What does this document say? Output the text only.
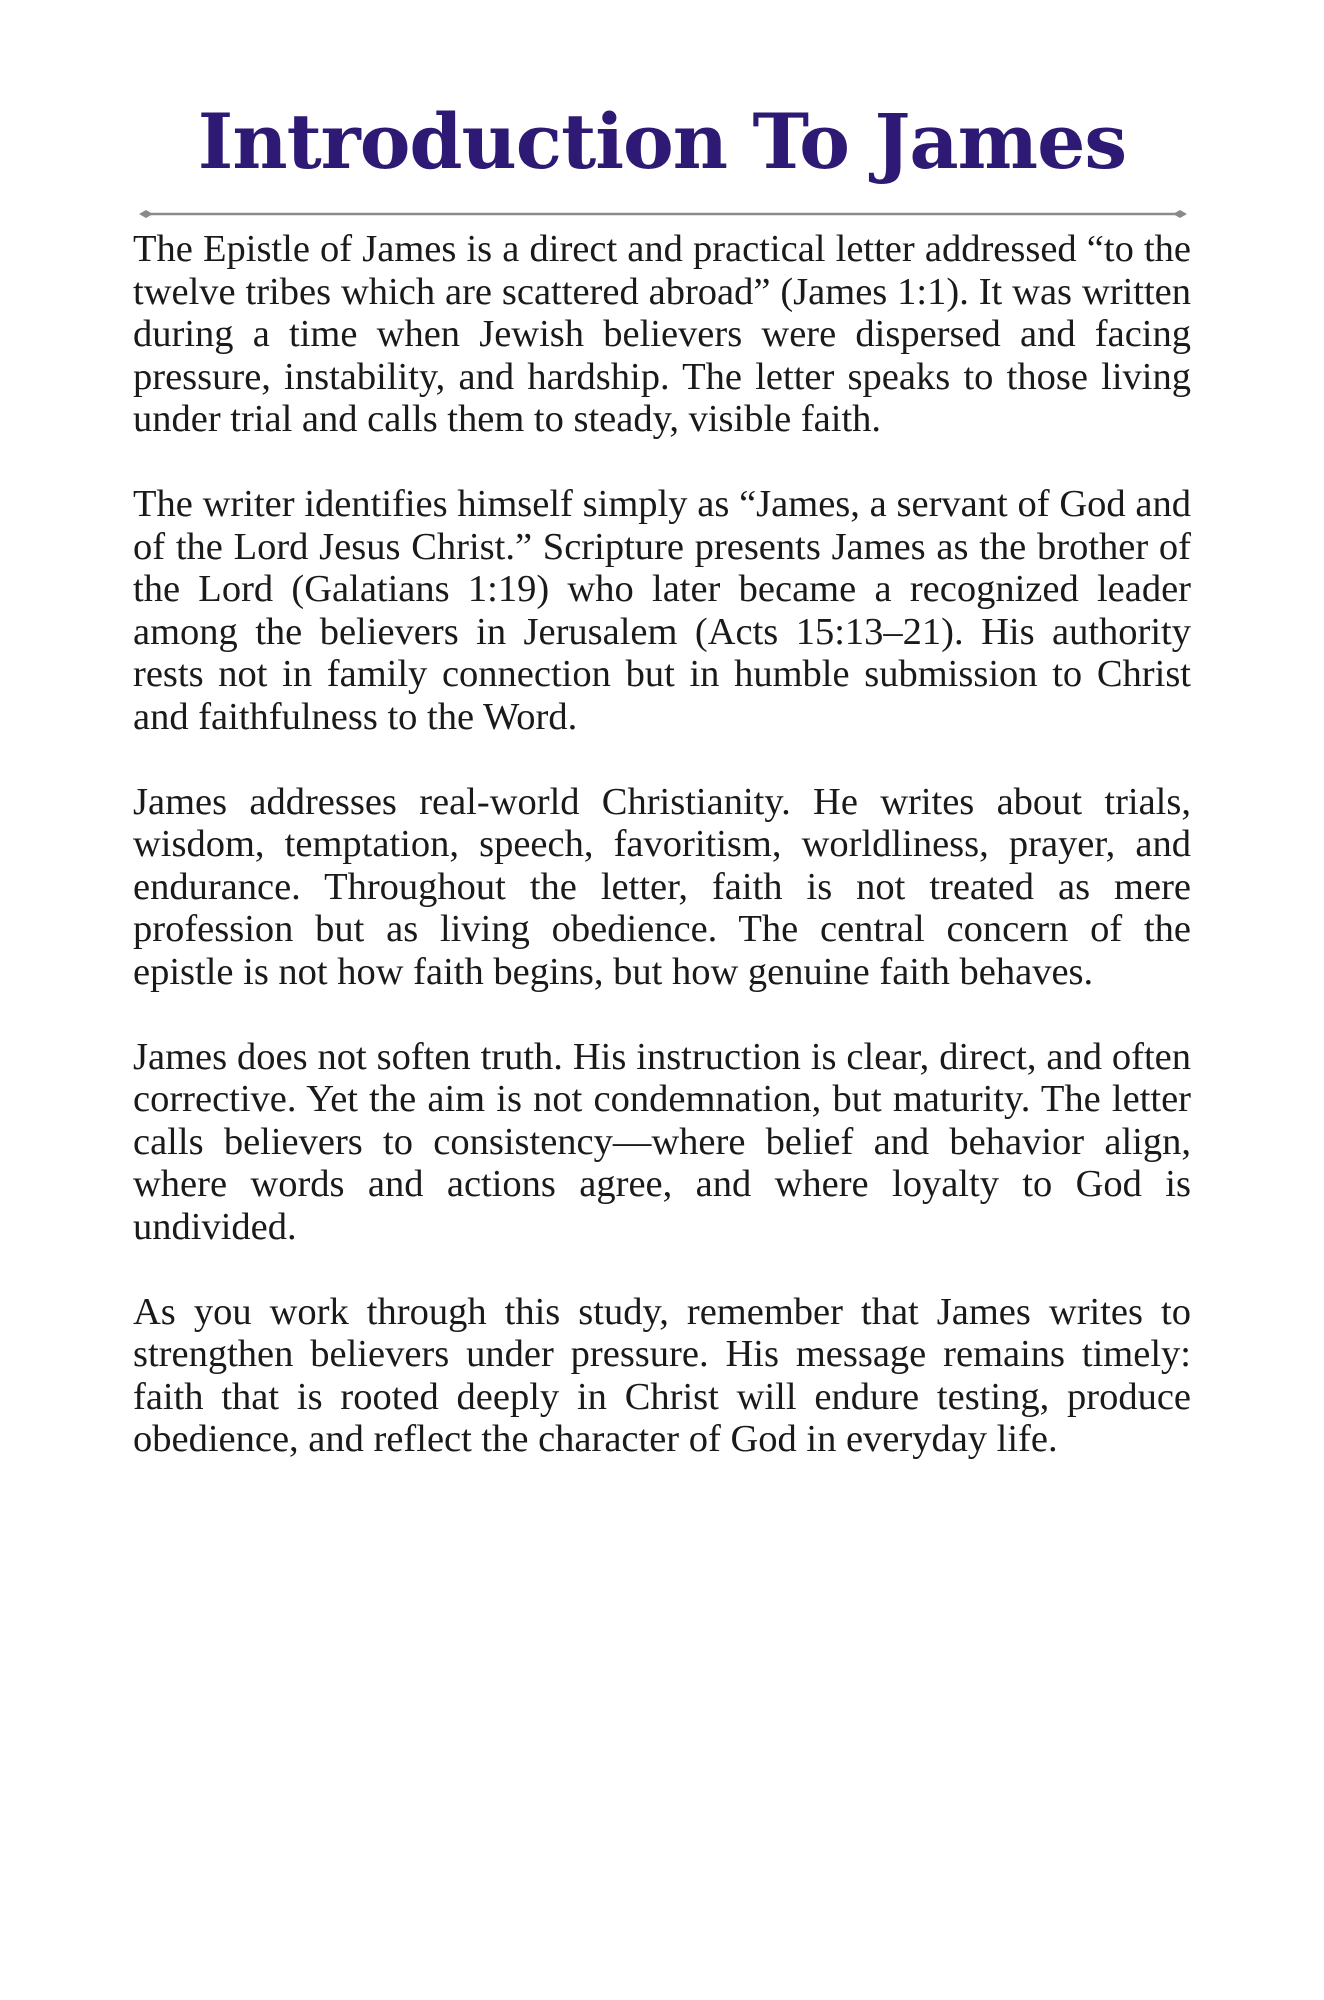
Introduction To James

The Epistle of James is a direct and practical letter addressed “to the twelve tribes which are scattered abroad” (James 1:1). It was written during a time when Jewish believers were dispersed and facing pressure, instability, and hardship. The letter speaks to those living under trial and calls them to steady, visible faith.

The writer identifies himself simply as “James, a servant of God and of the Lord Jesus Christ.” Scripture presents James as the brother of the Lord (Galatians 1:19) who later became a recognized leader among the believers in Jerusalem (Acts 15:13–21). His authority rests not in family connection but in humble submission to Christ and faithfulness to the Word.

James addresses real-world Christianity. He writes about trials, wisdom, temptation, speech, favoritism, worldliness, prayer, and endurance. Throughout the letter, faith is not treated as mere profession but as living obedience. The central concern of the epistle is not how faith begins, but how genuine faith behaves.

James does not soften truth. His instruction is clear, direct, and often corrective. Yet the aim is not condemnation, but maturity. The letter calls believers to consistency—where belief and behavior align, where words and actions agree, and where loyalty to God is undivided.

As you work through this study, remember that James writes to strengthen believers under pressure. His message remains timely: faith that is rooted deeply in Christ will endure testing, produce obedience, and reflect the character of God in everyday life.
